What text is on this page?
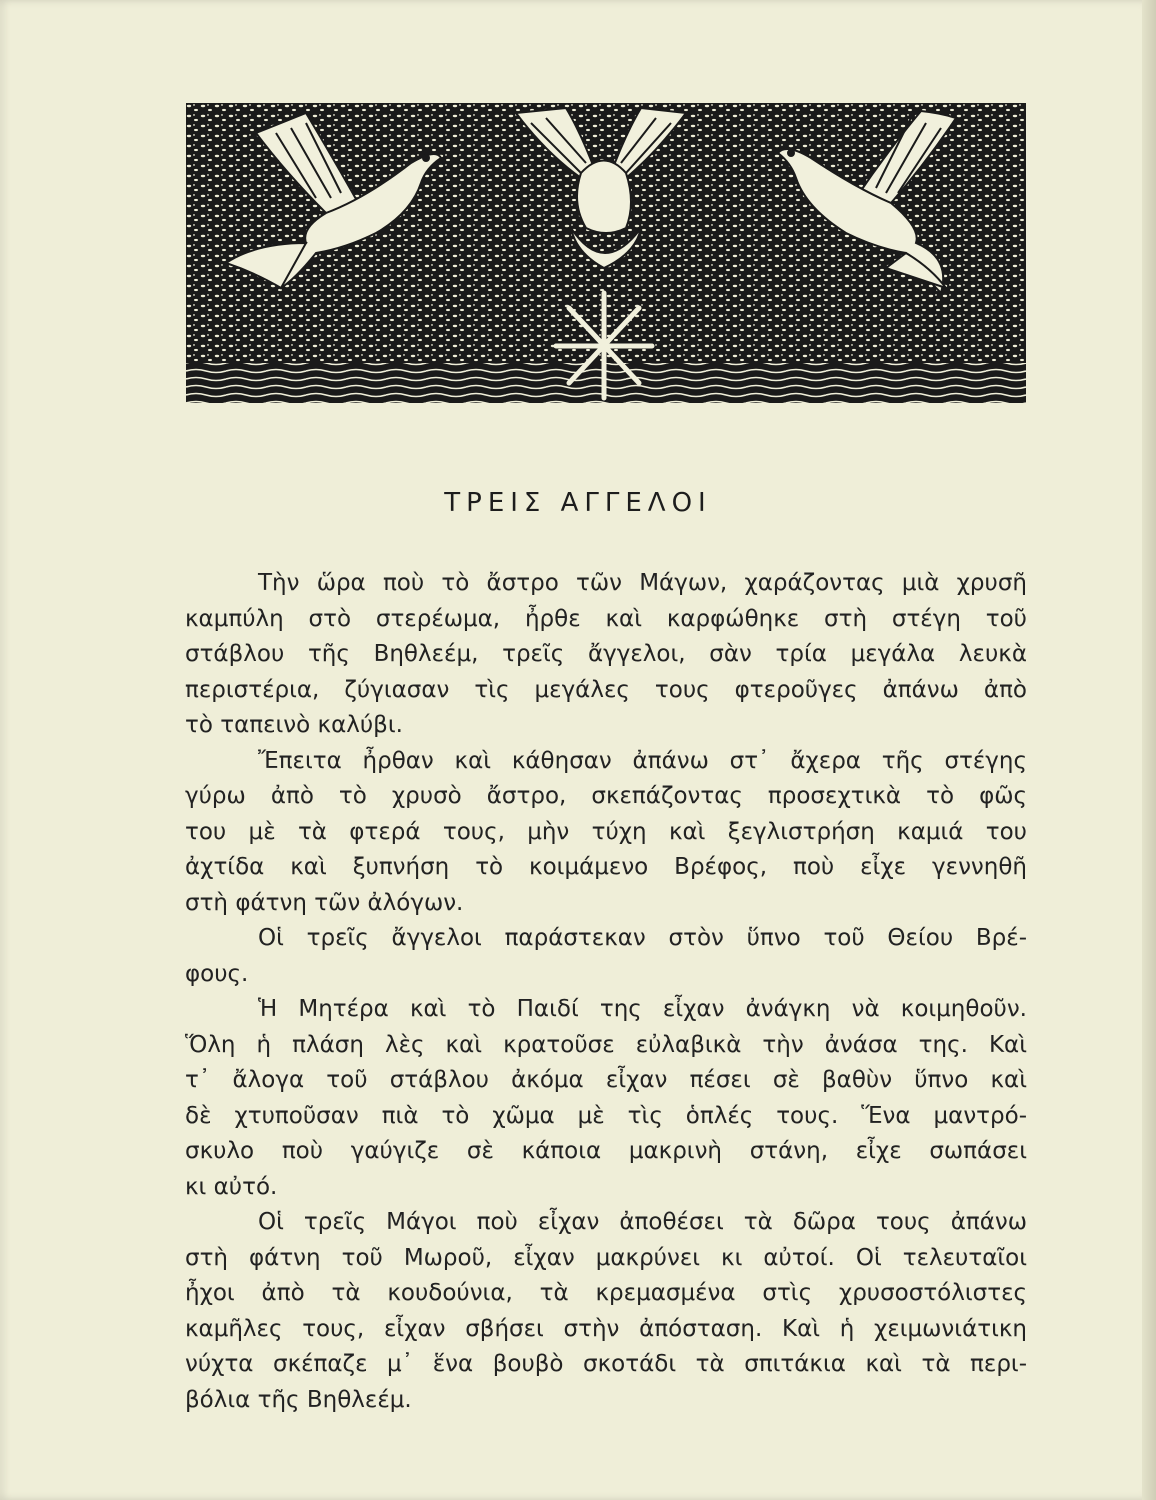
ΤΡΕΙΣ ΑΓΓΕΛΟΙ
Τὴν ὥρα ποὺ τὸ ἄστρο τῶν Μάγων, χαράζοντας μιὰ χρυσῆ
καμπύλη στὸ στερέωμα, ἦρθε καὶ καρφώθηκε στὴ στέγη τοῦ
στάβλου τῆς Βηθλεέμ, τρεῖς ἄγγελοι, σὰν τρία μεγάλα λευκὰ
περιστέρια, ζύγιασαν τὶς μεγάλες τους φτεροῦγες ἀπάνω ἀπὸ
τὸ ταπεινὸ καλύβι.
Ἔπειτα ἦρθαν καὶ κάθησαν ἀπάνω στ᾽ ἄχερα τῆς στέγης
γύρω ἀπὸ τὸ χρυσὸ ἄστρο, σκεπάζοντας προσεχτικὰ τὸ φῶς
του μὲ τὰ φτερά τους, μὴν τύχη καὶ ξεγλιστρήση καμιά του
ἀχτίδα καὶ ξυπνήση τὸ κοιμάμενο Βρέφος, ποὺ εἶχε γεννηθῆ
στὴ φάτνη τῶν ἀλόγων.
Οἱ τρεῖς ἄγγελοι παράστεκαν στὸν ὕπνο τοῦ Θείου Βρέ-
φους.
Ἡ Μητέρα καὶ τὸ Παιδί της εἶχαν ἀνάγκη νὰ κοιμηθοῦν.
Ὅλη ἡ πλάση λὲς καὶ κρατοῦσε εὐλαβικὰ τὴν ἀνάσα της. Καὶ
τ᾽ ἄλογα τοῦ στάβλου ἀκόμα εἶχαν πέσει σὲ βαθὺν ὕπνο καὶ
δὲ χτυποῦσαν πιὰ τὸ χῶμα μὲ τὶς ὁπλές τους. Ἕνα μαντρό-
σκυλο ποὺ γαύγιζε σὲ κάποια μακρινὴ στάνη, εἶχε σωπάσει
κι αὐτό.
Οἱ τρεῖς Μάγοι ποὺ εἶχαν ἀποθέσει τὰ δῶρα τους ἀπάνω
στὴ φάτνη τοῦ Μωροῦ, εἶχαν μακρύνει κι αὐτοί. Οἱ τελευταῖοι
ἦχοι ἀπὸ τὰ κουδούνια, τὰ κρεμασμένα στὶς χρυσοστόλιστες
καμῆλες τους, εἶχαν σβήσει στὴν ἀπόσταση. Καὶ ἡ χειμωνιάτικη
νύχτα σκέπαζε μ᾽ ἕνα βουβὸ σκοτάδι τὰ σπιτάκια καὶ τὰ περι-
βόλια τῆς Βηθλεέμ.
